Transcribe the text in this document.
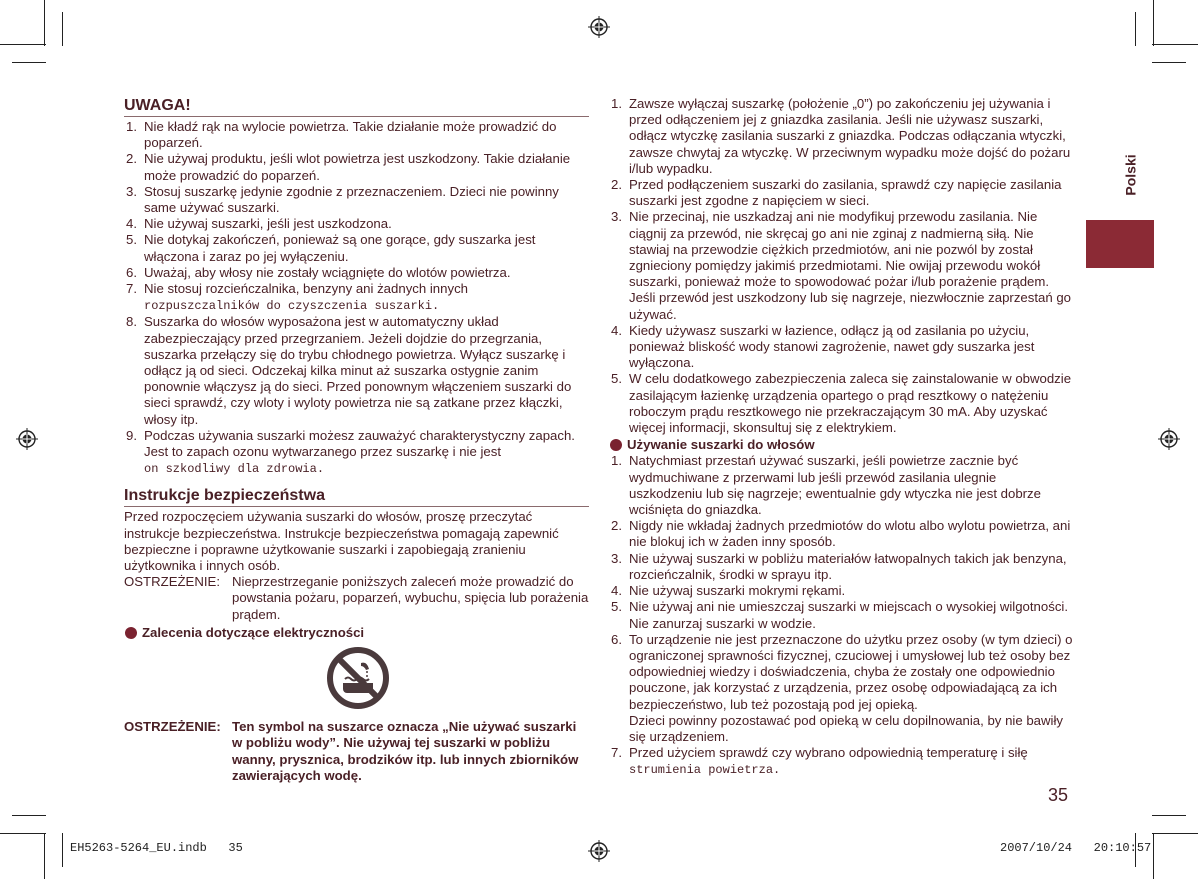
Polski
UWAGA!
1. Nie kładź rąk na wylocie powietrza. Takie działanie może prowadzić do poparzeń.
2. Nie używaj produktu, jeśli wlot powietrza jest uszkodzony. Takie działanie może prowadzić do poparzeń.
3. Stosuj suszarkę jedynie zgodnie z przeznaczeniem. Dzieci nie powinny same używać suszarki.
4. Nie używaj suszarki, jeśli jest uszkodzona.
5. Nie dotykaj zakończeń, ponieważ są one gorące, gdy suszarka jest włączona i zaraz po jej wyłączeniu.
6. Uważaj, aby włosy nie zostały wciągnięte do wlotów powietrza.
7. Nie stosuj rozcieńczalnika, benzyny ani żadnych innych
rozpuszczalników do czyszczenia suszarki.
8. Suszarka do włosów wyposażona jest w automatyczny układ zabezpieczający przed przegrzaniem. Jeżeli dojdzie do przegrzania, suszarka przełączy się do trybu chłodnego powietrza. Wyłącz suszarkę i odłącz ją od sieci. Odczekaj kilka minut aż suszarka ostygnie zanim ponownie włączysz ją do sieci. Przed ponownym włączeniem suszarki do sieci sprawdź, czy wloty i wyloty powietrza nie są zatkane przez kłączki, włosy itp.
9. Podczas używania suszarki możesz zauważyć charakterystyczny zapach. Jest to zapach ozonu wytwarzanego przez suszarkę i nie jest
on szkodliwy dla zdrowia.
Instrukcje bezpieczeństwa
Przed rozpoczęciem używania suszarki do włosów, proszę przeczytać instrukcje bezpieczeństwa. Instrukcje bezpieczeństwa pomagają zapewnić bezpieczne i poprawne użytkowanie suszarki i zapobiegają zranieniu użytkownika i innych osób.
OSTRZEŻENIE: Nieprzestrzeganie poniższych zaleceń może prowadzić do powstania pożaru, poparzeń, wybuchu, spięcia lub porażenia prądem.
Zalecenia dotyczące elektryczności
OSTRZEŻENIE: Ten symbol na suszarce oznacza „Nie używać suszarki w pobliżu wody”. Nie używaj tej suszarki w pobliżu wanny, prysznica, brodzików itp. lub innych zbiorników zawierających wodę.
1. Zawsze wyłączaj suszarkę (położenie „0”) po zakończeniu jej używania i przed odłączeniem jej z gniazdka zasilania. Jeśli nie używasz suszarki, odłącz wtyczkę zasilania suszarki z gniazdka. Podczas odłączania wtyczki, zawsze chwytaj za wtyczkę. W przeciwnym wypadku może dojść do pożaru i/lub wypadku.
2. Przed podłączeniem suszarki do zasilania, sprawdź czy napięcie zasilania suszarki jest zgodne z napięciem w sieci.
3. Nie przecinaj, nie uszkadzaj ani nie modyfikuj przewodu zasilania. Nie ciągnij za przewód, nie skręcaj go ani nie zginaj z nadmierną siłą. Nie stawiaj na przewodzie ciężkich przedmiotów, ani nie pozwól by został zgnieciony pomiędzy jakimiś przedmiotami. Nie owijaj przewodu wokół suszarki, ponieważ może to spowodować pożar i/lub porażenie prądem. Jeśli przewód jest uszkodzony lub się nagrzeje, niezwłocznie zaprzestań go używać.
4. Kiedy używasz suszarki w łazience, odłącz ją od zasilania po użyciu, ponieważ bliskość wody stanowi zagrożenie, nawet gdy suszarka jest wyłączona.
5. W celu dodatkowego zabezpieczenia zaleca się zainstalowanie w obwodzie zasilającym łazienkę urządzenia opartego o prąd resztkowy o natężeniu roboczym prądu resztkowego nie przekraczającym 30 mA. Aby uzyskać więcej informacji, skonsultuj się z elektrykiem.
Używanie suszarki do włosów
1. Natychmiast przestań używać suszarki, jeśli powietrze zacznie być wydmuchiwane z przerwami lub jeśli przewód zasilania ulegnie uszkodzeniu lub się nagrzeje; ewentualnie gdy wtyczka nie jest dobrze wciśnięta do gniazdka.
2. Nigdy nie wkładaj żadnych przedmiotów do wlotu albo wylotu powietrza, ani nie blokuj ich w żaden inny sposób.
3. Nie używaj suszarki w pobliżu materiałów łatwopalnych takich jak benzyna, rozcieńczalnik, środki w sprayu itp.
4. Nie używaj suszarki mokrymi rękami.
5. Nie używaj ani nie umieszczaj suszarki w miejscach o wysokiej wilgotności. Nie zanurzaj suszarki w wodzie.
6. To urządzenie nie jest przeznaczone do użytku przez osoby (w tym dzieci) o ograniczonej sprawności fizycznej, czuciowej i umysłowej lub też osoby bez odpowiedniej wiedzy i doświadczenia, chyba że zostały one odpowiednio pouczone, jak korzystać z urządzenia, przez osobę odpowiadającą za ich bezpieczeństwo, lub też pozostają pod jej opieką.
Dzieci powinny pozostawać pod opieką w celu dopilnowania, by nie bawiły się urządzeniem.
7. Przed użyciem sprawdź czy wybrano odpowiednią temperaturę i siłę
strumienia powietrza.
35
EH5263-5264_EU.indb   35	2007/10/24   20:10:57
